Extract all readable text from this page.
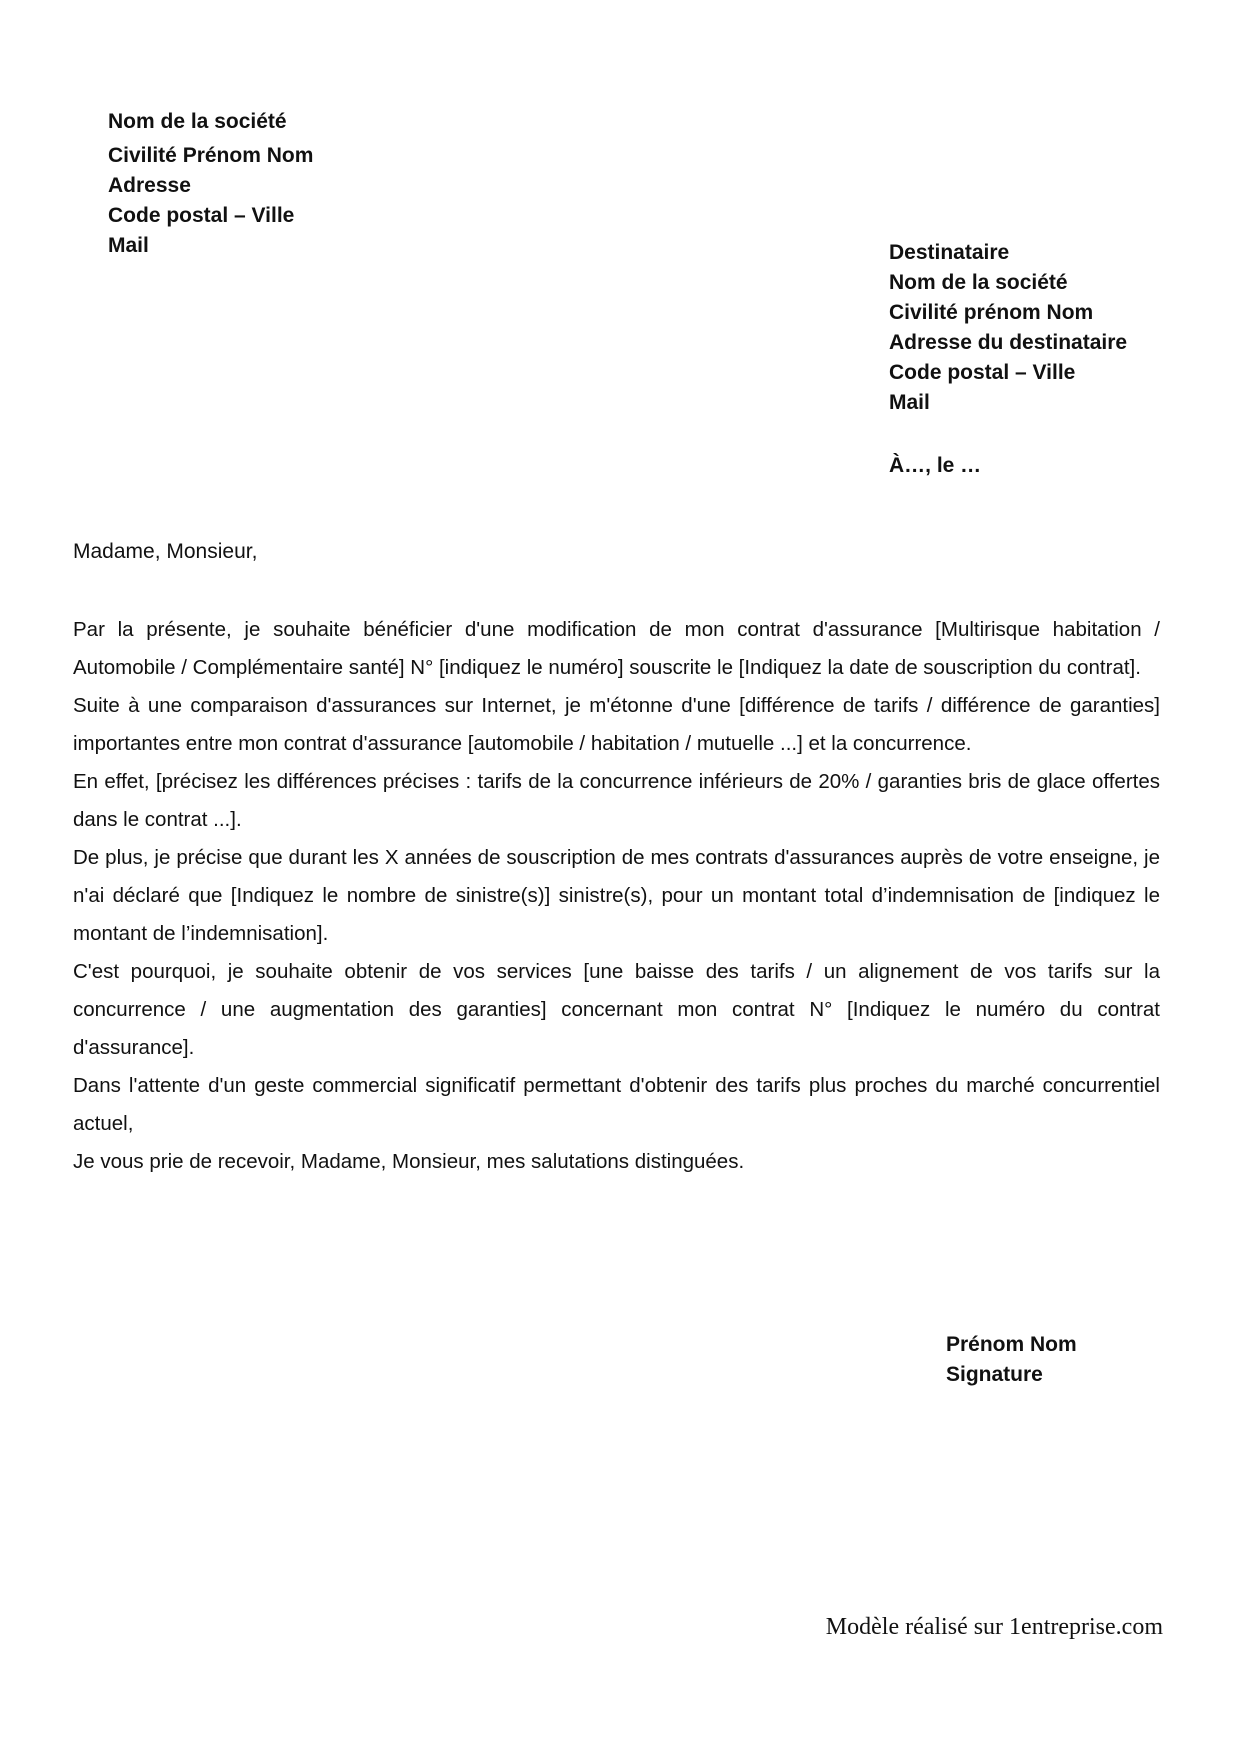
Nom de la société
Civilité Prénom Nom
Adresse
Code postal – Ville
Mail	Destinataire
Nom de la société
Civilité prénom Nom
Adresse du destinataire
Code postal – Ville
Mail
À…, le …
Madame, Monsieur,

Par la présente, je souhaite bénéficier d'une modification de mon contrat d'assurance [Multirisque habitation / Automobile / Complémentaire santé] N° [indiquez le numéro] souscrite le [Indiquez la date de souscription du contrat].

Suite à une comparaison d'assurances sur Internet, je m'étonne d'une [différence de tarifs / différence de garanties] importantes entre mon contrat d'assurance [automobile / habitation / mutuelle ...] et la concurrence.

En effet, [précisez les différences précises : tarifs de la concurrence inférieurs de 20% / garanties bris de glace offertes dans le contrat ...].

De plus, je précise que durant les X années de souscription de mes contrats d'assurances auprès de votre enseigne, je n'ai déclaré que [Indiquez le nombre de sinistre(s)] sinistre(s), pour un montant total d’indemnisation de [indiquez le montant de l’indemnisation].

C'est pourquoi, je souhaite obtenir de vos services [une baisse des tarifs / un alignement de vos tarifs sur la concurrence / une augmentation des garanties] concernant mon contrat N° [Indiquez le numéro du contrat d'assurance].

Dans l'attente d'un geste commercial significatif permettant d'obtenir des tarifs plus proches du marché concurrentiel actuel,

Je vous prie de recevoir, Madame, Monsieur, mes salutations distinguées.

Prénom Nom
Signature
Modèle réalisé sur 1entreprise.com
